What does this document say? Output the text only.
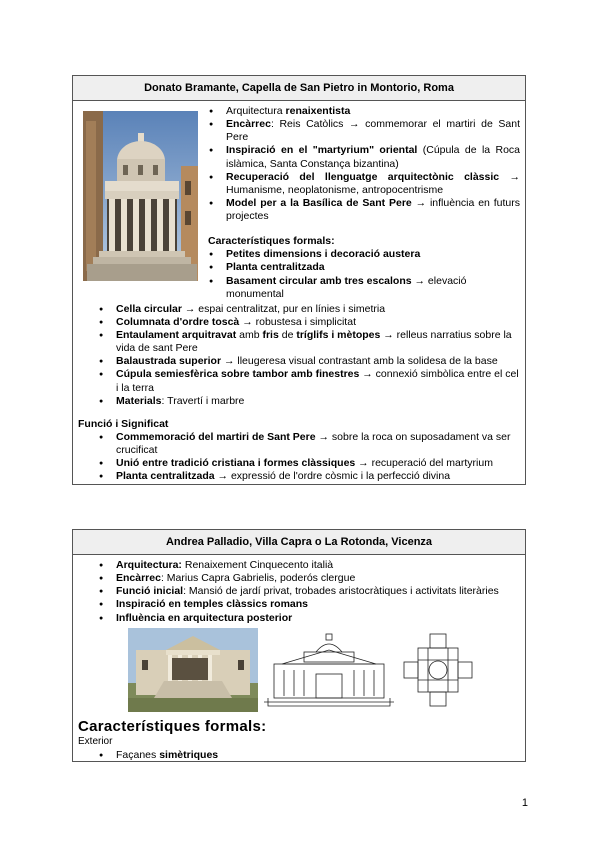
Donato Bramante, Capella de San Pietro in Montorio, Roma
● Arquitectura renaixentista
● Encàrrec: Reis Catòlics → commemorar el martiri de Sant Pere
● Inspiració en el "martyrium" oriental (Cúpula de la Roca islàmica, Santa Constança bizantina)
● Recuperació del llenguatge arquitectònic clàssic → Humanisme, neoplatonisme, antropocentrisme
● Model per a la Basílica de Sant Pere → influència en futurs projectes
Característiques formals:
● Petites dimensions i decoració austera
● Planta centralitzada
● Basament circular amb tres escalons → elevació monumental
● Cella circular → espai centralitzat, pur en línies i simetria
● Columnata d'ordre toscà → robustesa i simplicitat
● Entaulament arquitravat amb fris de tríglifs i mètopes → relleus narratius sobre la vida de sant Pere
● Balaustrada superior → lleugeresa visual contrastant amb la solidesa de la base
● Cúpula semiesfèrica sobre tambor amb finestres → connexió simbòlica entre el cel i la terra
● Materials: Travertí i marbre
Funció i Significat
● Commemoració del martiri de Sant Pere → sobre la roca on suposadament va ser crucificat
● Unió entre tradició cristiana i formes clàssiques → recuperació del martyrium
● Planta centralitzada → expressió de l'ordre còsmic i la perfecció divina
Andrea Palladio, Villa Capra o La Rotonda, Vicenza
● Arquitectura: Renaixement Cinquecento italià
● Encàrrec: Marius Capra Gabrielis, poderós clergue
● Funció inicial: Mansió de jardí privat, trobades aristocràtiques i activitats literàries
● Inspiració en temples clàssics romans
● Influència en arquitectura posterior
Característiques formals:
Exterior
● Façanes simètriques
1
